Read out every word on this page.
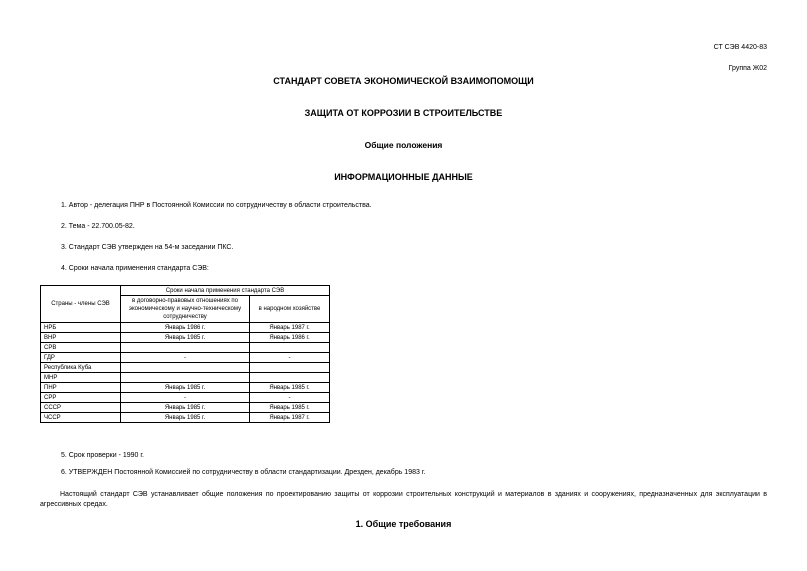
СТ СЭВ 4420-83
Группа Ж02
СТАНДАРТ СОВЕТА ЭКОНОМИЧЕСКОЙ ВЗАИМОПОМОЩИ
ЗАЩИТА ОТ КОРРОЗИИ В СТРОИТЕЛЬСТВЕ
Общие положения
ИНФОРМАЦИОННЫЕ ДАННЫЕ
1. Автор - делегация ПНР в Постоянной Комиссии по сотрудничеству в области строительства.
2. Тема - 22.700.05-82.
3. Стандарт СЭВ утвержден на 54-м заседании ПКС.
4. Сроки начала применения стандарта СЭВ:
Страны - члены СЭВ	Сроки начала применения стандарта СЭВ	
	в договорно-правовых отношениях по экономическому и научно-техническому сотрудничеству	в народном хозяйстве
НРБ	Январь 1986 г.	Январь 1987 г.
ВНР	Январь 1985 г.	Январь 1986 г.
СРВ		
ГДР	-	-
Республика Куба		
МНР		
ПНР	Январь 1985 г.	Январь 1985 г.
СРР	-	-
СССР	Январь 1985 г.	Январь 1985 г.
ЧССР	Январь 1985 г.	Январь 1987 г.
5. Срок проверки - 1990 г.
6. УТВЕРЖДЕН Постоянной Комиссией по сотрудничеству в области стандартизации. Дрезден, декабрь 1983 г.
Настоящий стандарт СЭВ устанавливает общие положения по проектированию защиты от коррозии строительных конструкций и материалов в зданиях и сооружениях, предназначенных для эксплуатации в агрессивных средах.
1. Общие требования
